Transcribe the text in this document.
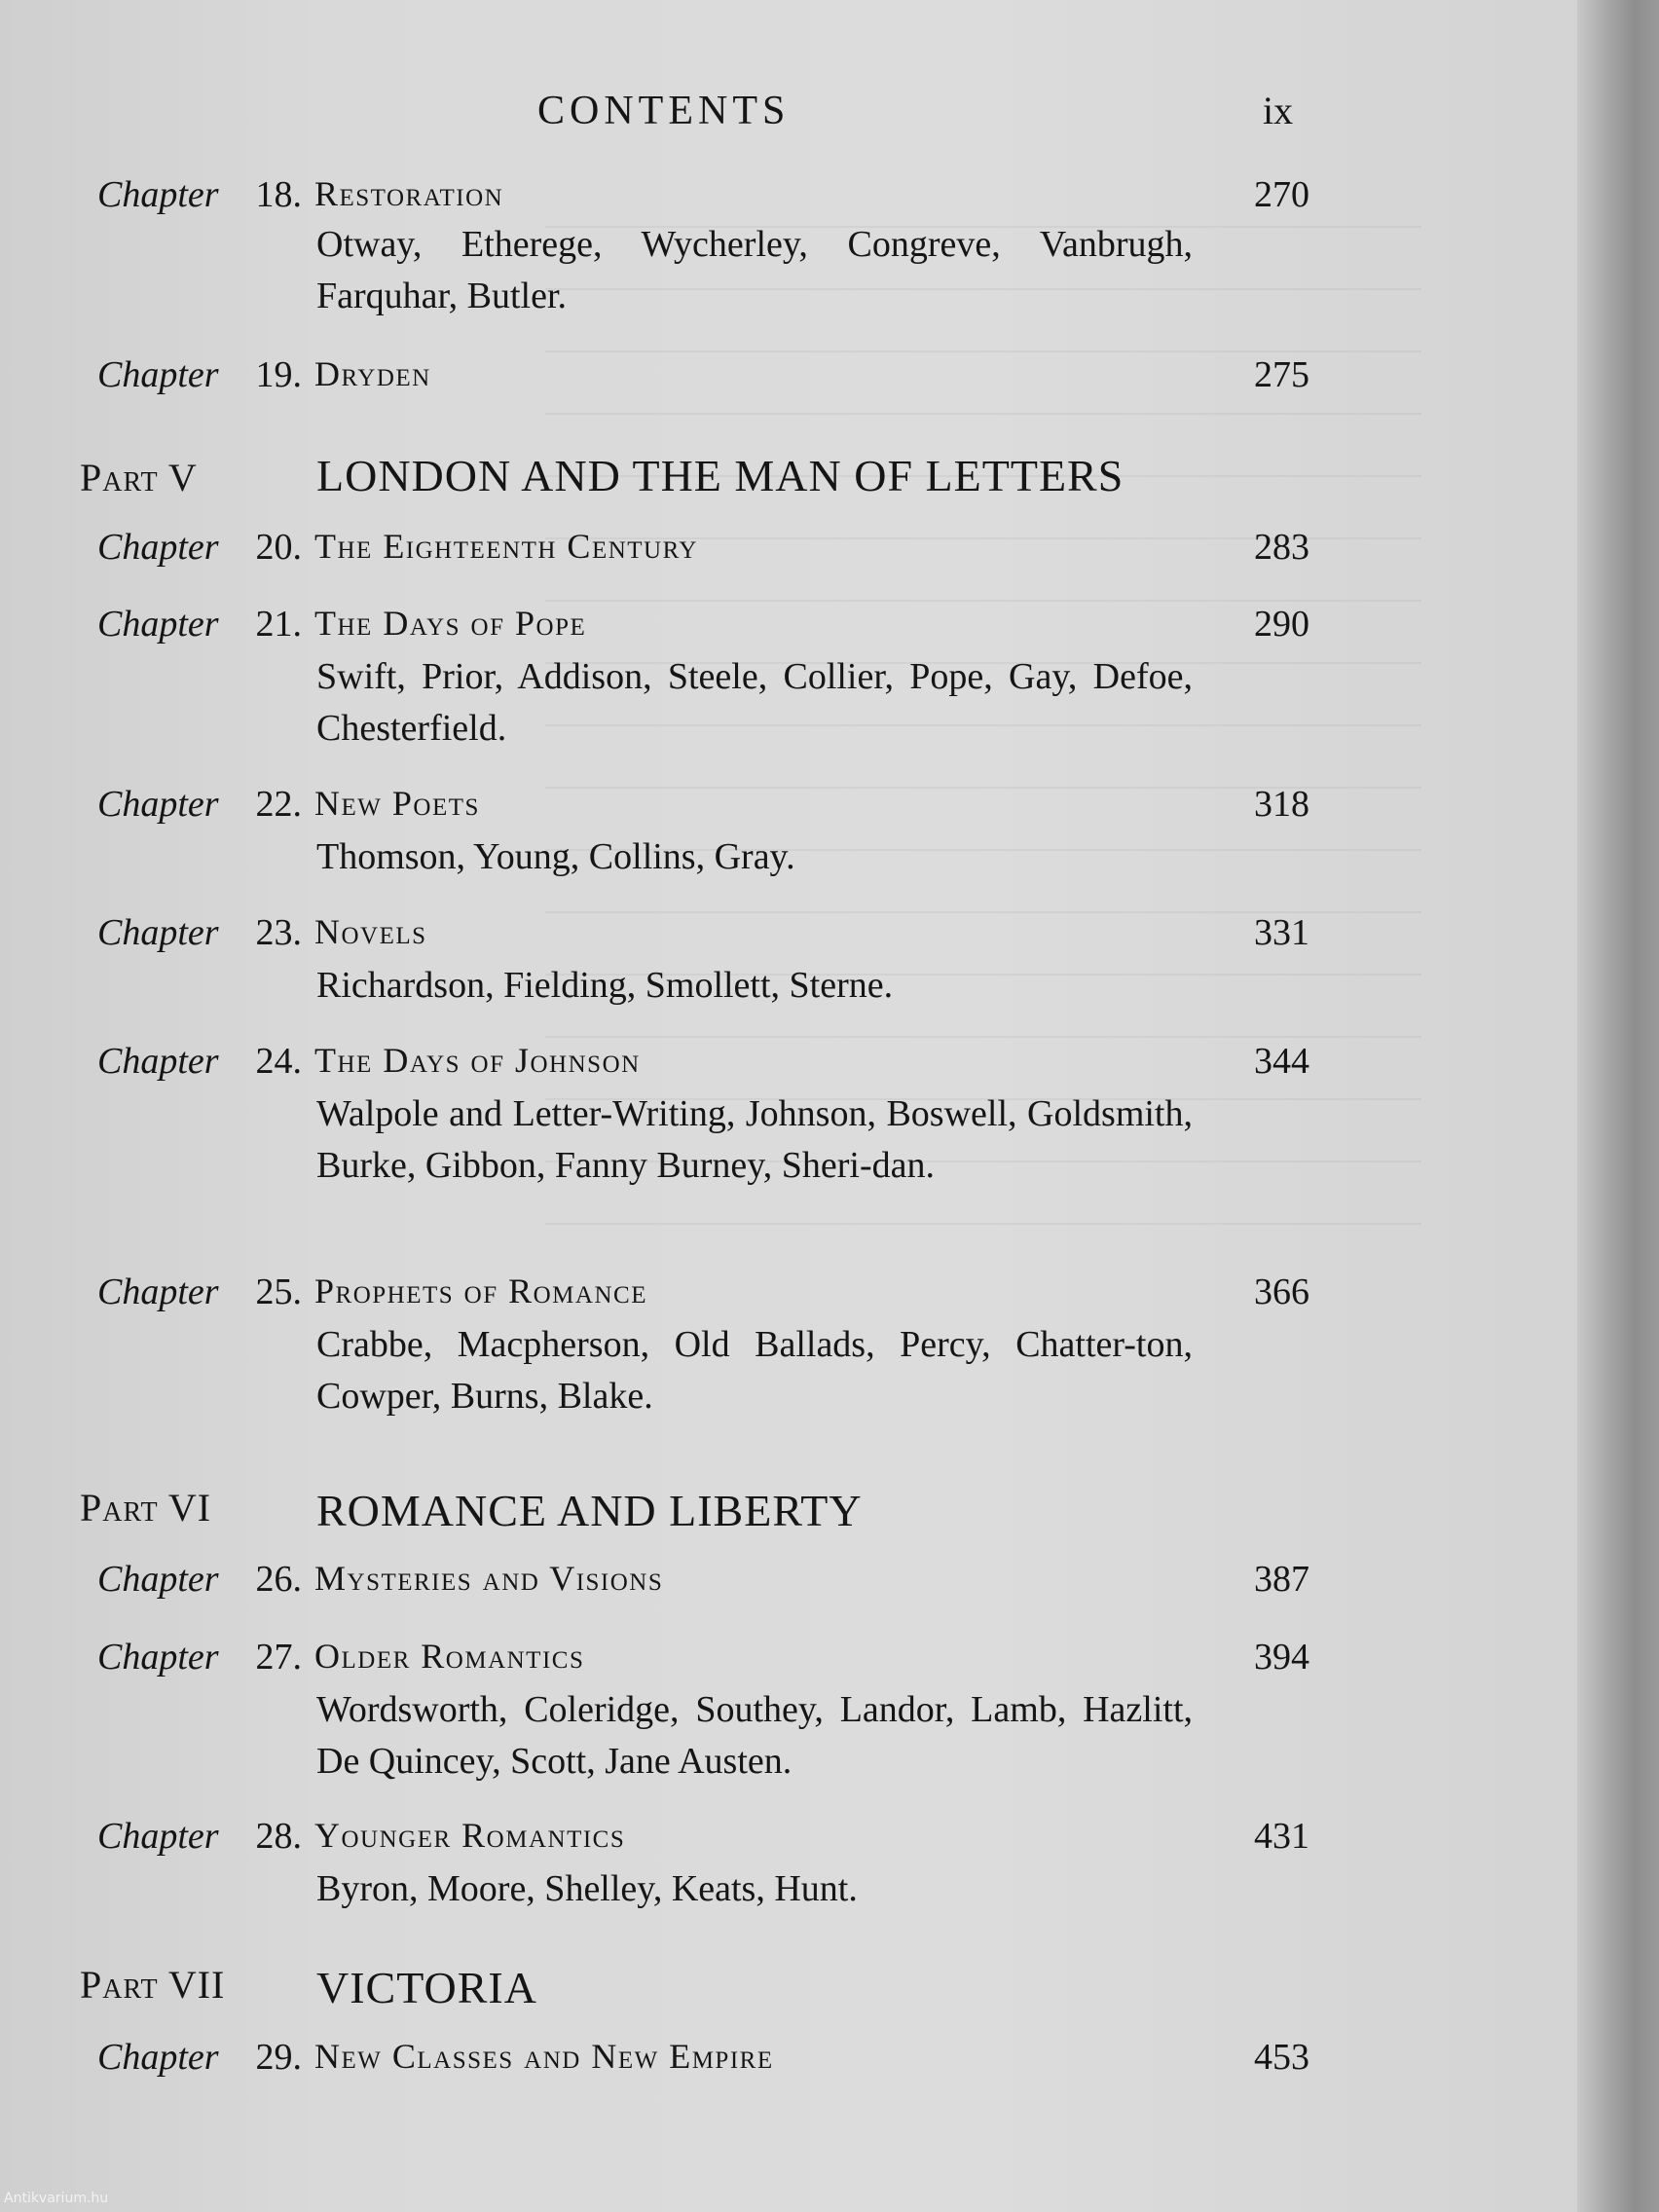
CONTENTS	ix
Chapter 18. Restoration	270
Otway, Etherege, Wycherley, Congreve, Vanbrugh, Farquhar, Butler.
Chapter 19. Dryden	275
Part V	LONDON AND THE MAN OF LETTERS
Chapter 20. The Eighteenth Century	283
Chapter 21. The Days of Pope	290
Swift, Prior, Addison, Steele, Collier, Pope, Gay, Defoe, Chesterfield.
Chapter 22. New Poets	318
Thomson, Young, Collins, Gray.
Chapter 23. Novels	331
Richardson, Fielding, Smollett, Sterne.
Chapter 24. The Days of Johnson	344
Walpole and Letter-Writing, Johnson, Boswell, Goldsmith, Burke, Gibbon, Fanny Burney, Sheri-dan.
Chapter 25. Prophets of Romance	366
Crabbe, Macpherson, Old Ballads, Percy, Chatter-ton, Cowper, Burns, Blake.
Part VI ROMANCE AND LIBERTY
Chapter 26. Mysteries and Visions	387
Chapter 27. Older Romantics	394
Wordsworth, Coleridge, Southey, Landor, Lamb, Hazlitt, De Quincey, Scott, Jane Austen.
Chapter 28. Younger Romantics	431
Byron, Moore, Shelley, Keats, Hunt.
Part VII VICTORIA
Chapter 29. New Classes and New Empire	453
Antikvarium.hu
